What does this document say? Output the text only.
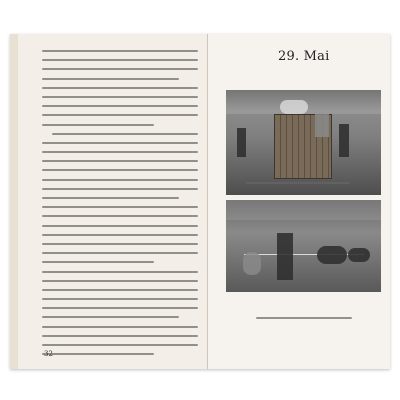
32
29. Mai
